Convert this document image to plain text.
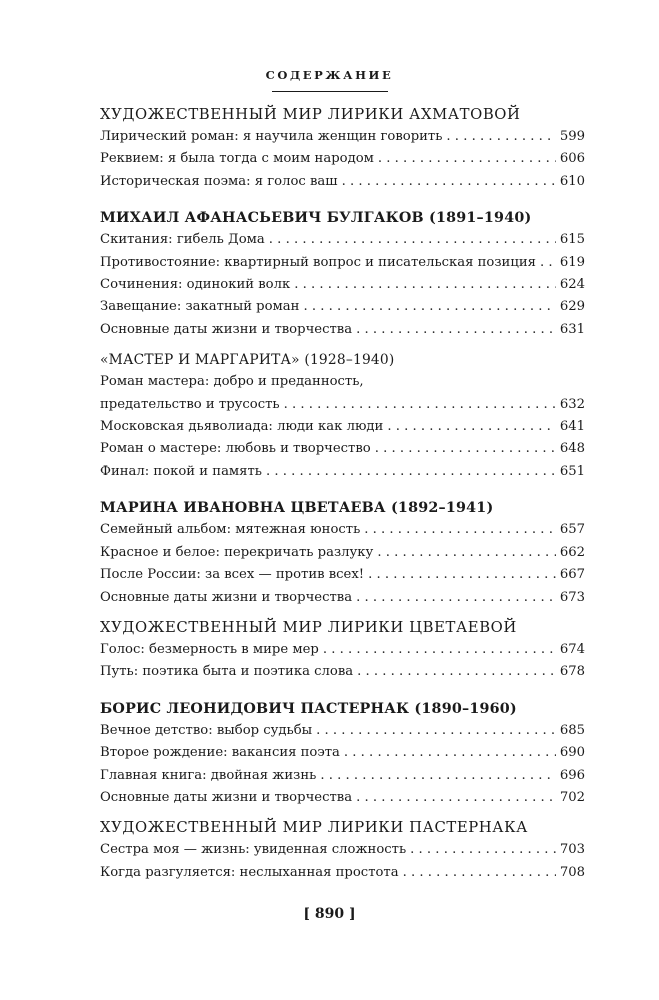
СОДЕРЖАНИЕ
ХУДОЖЕСТВЕННЫЙ МИР ЛИРИКИ АХМАТОВОЙ
Лирический роман: я научила женщин говорить . . .	599
Реквием: я была тогда с моим народом . . .	606
Историческая поэма: я голос ваш . . .	610
МИХАИЛ АФАНАСЬЕВИЧ БУЛГАКОВ (1891–1940)
Скитания: гибель Дома . . .	615
Противостояние: квартирный вопрос и писательская позиция . . . 619
Сочинения: одинокий волк . . .	624
Завещание: закатный роман . . .	629
Основные даты жизни и творчества . . .	631
«МАСТЕР И МАРГАРИТА» (1928–1940)
Роман мастера: добро и преданность,
предательство и трусость . . .	632
Московская дьяволиада: люди как люди . . .	641
Роман о мастере: любовь и творчество . . .	648
Финал: покой и память . . .	651
МАРИНА ИВАНОВНА ЦВЕТАЕВА (1892–1941)
Семейный альбом: мятежная юность . . .	657
Красное и белое: перекричать разлуку . . .	662
После России: за всех — против всех! . . .	667
Основные даты жизни и творчества . . .	673
ХУДОЖЕСТВЕННЫЙ МИР ЛИРИКИ ЦВЕТАЕВОЙ
Голос: безмерность в мире мер . . .	674
Путь: поэтика быта и поэтика слова . . .	678
БОРИС ЛЕОНИДОВИЧ ПАСТЕРНАК (1890–1960)
Вечное детство: выбор судьбы . . .	685
Второе рождение: вакансия поэта . . .	690
Главная книга: двойная жизнь . . .	696
Основные даты жизни и творчества . . .	702
ХУДОЖЕСТВЕННЫЙ МИР ЛИРИКИ ПАСТЕРНАКА
Сестра моя — жизнь: увиденная сложность . . .	703
Когда разгуляется: неслыханная простота . . .	708
[ 890 ]
